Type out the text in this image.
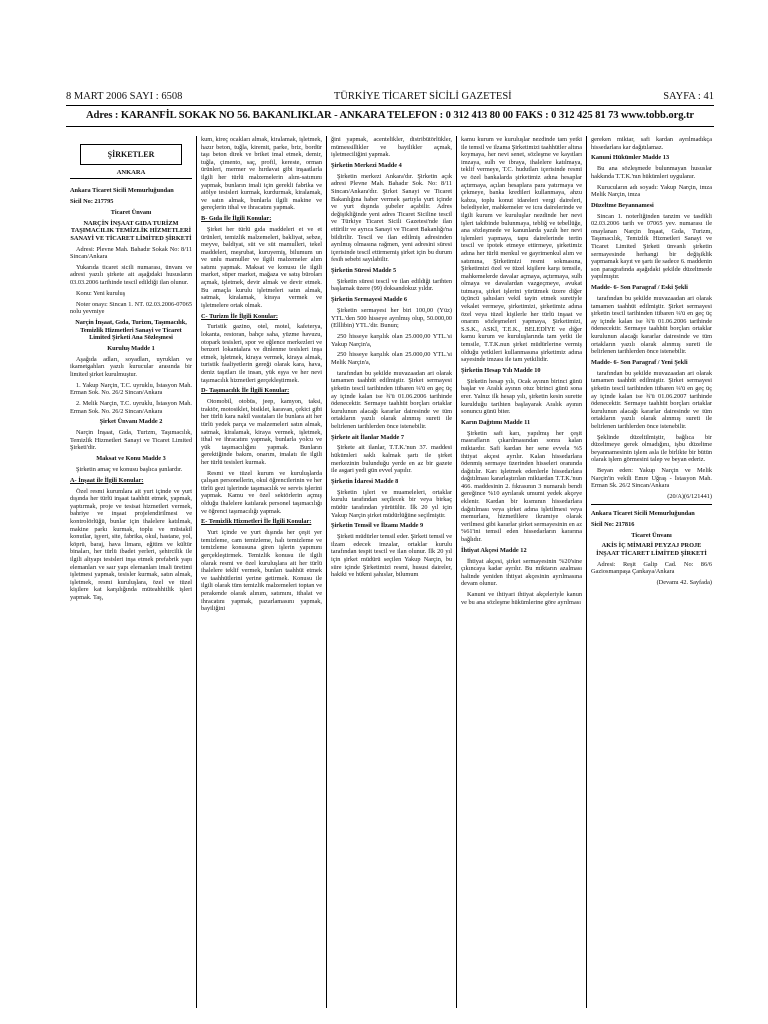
8 MART 2006 SAYI : 6508	TÜRKİYE TİCARET SİCİLİ GAZETESİ	SAYFA : 41
Adres : KARANFİL SOKAK NO 56. BAKANLIKLAR - ANKARA TELEFON : 0 312 413 80 00 FAKS : 0 312 425 81 73 www.tobb.org.tr
ŞİRKETLER
ANKARA

Ankara Ticaret Sicili Memurluğundan

Sicil No: 217795

Ticaret Ünvanı

NARÇİN İNŞAAT GIDA TURİZM TAŞIMACILIK TEMİZLİK HİZMETLERİ SANAYİ VE TİCARET LİMİTED ŞİRKETİ

Adresi: Plevne Mah. Bahadır Sokak No: 8/11 Sincan/Ankara

Yukarıda ticaret sicili numarası, ünvanı ve adresi yazılı şirkete ait aşağıdaki hususların 03.03.2006 tarihinde tescil edildiği ilan olunur.

Konu: Yeni kuruluş

Noter onayı: Sincan 1. NT. 02.03.2006-07065 nolu yevmiye

Narçin İnşaat, Gıda, Turizm, Taşımacılık, Temizlik Hizmetleri Sanayi ve Ticaret Limited Şirketi Ana Sözleşmesi

Kuruluş Madde 1

Aşağıda adları, soyadları, uyrukları ve ikametgahları yazılı kurucular arasında bir limited şirket kurulmuştur.

1. Yakup Narçin, T.C. uyruklu, İstasyon Mah. Erman Sok. No. 26/2 Sincan/Ankara

2. Melik Narçin, T.C. uyruklu, İstasyon Mah. Erman Sok. No. 26/2 Sincan/Ankara

Şirket Ünvanı Madde 2

Narçin İnşaat, Gıda, Turizm, Taşımacılık, Temizlik Hizmetleri Sanayi ve Ticaret Limited Şirketi'dir.

Maksat ve Konu Madde 3

Şirketin amaç ve konusu başlıca şunlardır.

A- İnşaat ile İlgili Konular:

Özel resmi kurumlara ait yurt içinde ve yurt dışında her türlü inşaat taahhüt etmek, yapmak, yaptırmak, proje ve tesisat hizmetleri vermek, bahriye ve inşaat projelendirilmesi ve kontrolörlüğü, bunlar için ihalelere katılmak, makine parkı kurmak, toplu ve müstakil konutlar, işyeri, site, fabrika, okul, hastane, yol, köprü, baraj, hava limanı, eğitim ve kültür binaları, her türlü ibadet yerleri, şehircilik ile ilgili altyapı tesisleri inşa etmek prefabrik yapı elemanları ve saır yapı elemanları imali üretimi işletmesi yapmak, tesisler kurmak, satın almak, işletmek, resmi kuruluşlara, özel ve tüzel kişilere kat karşılığında müteahhitlik işleri yapmak. Taş,

kum, kireç ocakları almak, kiralamak, işletmek, hazır beton, tuğla, kiremit, parke, briz, bordür taşı beton direk ve briket imal etmek, demir, tuğla, çimento, saç, profil, kereste, orman ürünleri, mermer ve hırdavat gibi inşaatlarla ilgili her türlü malzemelerin alım-satımını yapmak, bunların imali için gerekli fabrika ve atölye tesisleri kurmak, kurdurmak, kiralamak, ve satın almak, bunlarla ilgili makine ve gereçlerin ithal ve ihracatını yapmak.

B- Gıda İle İlgili Konular:

Şirket her türlü gıda maddeleri et ve et ürünleri, temizlik malzemeleri, bakliyat, sebze, meyve, baldiyat, süt ve süt mamulleri, tekel maddeleri, meşrubat, kuruyemiş, bilumum un ve unlu mamuller ve ilgili malzemeler alım satımı yapmak. Maksat ve konusu ile ilgili market, süper market, mağaza ve satış büroları açmak, işletmek, devir almak ve devir etmek. Bu amaçla kurulu işletmeleri satın almak, satmak, kiralamak, kiraya vermek ve işletmelere ortak olmak.

C- Turizm İle İlgili Konular:

Turistik gazino, otel, motel, kafeterya, lokanta, restoran, bahçe saha, yüzme havuzu, otopark tesisleri, spor ve eğlence merkezleri ve benzeri lokantalara ve dinlenme tesisleri inşa etmek, işletmek, kiraya vermek, kiraya almak, turistik faaliyetlerin gereği olarak kara, hava, deniz taşıtları ile insan, yük eşya ve her nevi taşımacılık hizmetleri gerçekleştirmek.

D- Taşımacılık İle İlgili Konular:

Otomobil, otobüs, jeep, kamyon, taksi, traktör, motosiklet, bisiklet, karavan, çekici gibi her türlü kara nakil vasıtaları ile bunlara ait her türlü yedek parça ve malzemeleri satın almak, satmak, kiralamak, kiraya vermek, işletmek, ithal ve ihracatını yapmak, bunlarla yolcu ve yük taşımacılığını yapmak. Bunların gerektiğinde bakım, onarım, imalatı ile ilgili her türlü tesisleri kurmak.

Resmi ve tüzel kurum ve kuruluşlarda çalışan personellerin, okul öğrencilerinin ve her türlü gezi işlerinde taşımacılık ve servis işlerini yapmak. Kamu ve özel sektörlerin açmış olduğu ihalelere katılarak personel taşımacılığı ve öğrenci taşımacılığı yapmak.

E- Temizlik Hizmetleri İle İlgili Konular:

Yurt içinde ve yurt dışında her çeşit yer temizleme, cam temizleme, halı temizleme ve temizleme konusuna giren işlerin yapımını gerçekleştirmek. Temizlik konusu ile ilgili olarak resmi ve özel kuruluşlara ait her türlü ihalelere teklif vermek, bunları taahhüt etmek ve taahhütlerini yerine getirmek. Konusu ile ilgili olarak tüm temizlik malzemeleri toptan ve perakende olarak alınım, satımını, ithalat ve ihracatını yapmak, pazarlamasını yapmak, bayiliğini

ğini yapmak, acentelikler, distribütörlükler, mümessillikler ve bayilikler açmak, işletmeciliğini yapmak.

Şirketin Merkezi Madde 4

Şirketin merkezi Ankara'dır. Şirketin açık adresi Plevne Mah. Bahadır Sok. No: 8/11 Sincan/Ankara'dır. Şirket Sanayi ve Ticaret Bakanlığına haber vermek şartıyla yurt içinde ve yurt dışında şubeler açabilir. Adres değişikliğinde yeni adres Ticaret Siciline tescil ve Türkiye Ticaret Sicili Gazetesi'nde ilan ettirilir ve ayrıca Sanayi ve Ticaret Bakanlığı'na bildirilir. Tescil ve ilan edilmiş adresinden ayrılmış olmasına rağmen, yeni adresini süresi içerisinde tescil ettirmemiş şirket için bu durum fesih sebebi sayılabilir.

Şirketin Süresi Madde 5

Şirketin süresi tescil ve ilan edildiği tarihten başlamak üzere (99) doksandokuz yıldır.

Şirketin Sermayesi Madde 6

Şirketin sermayesi her biri 100,00 (Yüz) YTL.'den 500 hisseye ayrılmış olup, 50.000,00 (Elllibin) YTL.'dir. Bunun;

250 hisseye karşılık olan 25.000,00 YTL.'si Yakup Narçin'a,

250 hisseye karşılık olan 25.000,00 YTL.'si Melik Narçin'a,

tarafından bu şekilde muvazaadan ari olarak tamamen taahhüt edilmiştir. Şirket sermayesi şirketin tescil tarihinden itibaren ¼'ü en geç üç ay içinde kalan ise ¾'ü 01.06.2006 tarihinde ödenecektir. Sermaye taahhüt borçları ortaklar kurulunun alacağı kararlar dairesinde ve tüm ortakların yazılı olarak alınmış sureti ile belirlenen tarihlerden önce istenebilir.

Şirkete ait İlanlar Madde 7

Şirkete ait ilanlar, T.T.K.'nun 37. maddesi hükümleri saklı kalmak şartı ile şirket merkezinin bulunduğu yerde en az bir gazete ile asgari yedi gün evvel yapılır.

Şirketin İdaresi Madde 8

Şirketin işleri ve muameleleri, ortaklar kurulu tarafından seçilecek bir veya birkaç müdür tarafından yürütülür. İlk 20 yıl için Yakup Narçin şirket müdürlüğüne seçilmiştir.

Şirketin Temsil ve İlzamı Madde 9

Şirketi müdürler temsil eder. Şirketi temsil ve ilzam edecek imzalar, ortaklar kurulu tarafından tespit tescil ve ilan olunur. İlk 20 yıl için şirket müdürü seçilen Yakup Narçin, bu süre içinde Şirketimizi resmi, hususi daireler, hakiki ve hükmi şahıslar, bilumum

kamu kurum ve kuruluşlar nezdinde tam yetki ile temsil ve ilzama Şirketimizi taahhütler altına koymaya, her nevi senet, sözleşme ve kayıtları imzaya, sulh ve ibraya, ihalelere katılmaya, teklif vermeye, T.C. hudutları içerisinde resmi ve özel bankalarda şirketimiz adına hesaplar açtırmaya, açılan hesaplara para yatırmaya ve çekmeye, banka kredileri kullanmaya, ahzu kabza, toplu konut idareleri vergi daireleri, belediyeler, mahkemeler ve icra dairelerinde ve ilgili kurum ve kuruluşlar nezdinde her nevi işleri takibinde bulunmaya, tebliğ ve tebellüğe, ana sözleşmede ve kanunlarda yazılı her nevi işlemleri yapmaya, tapu dairelerinde tertin tescil ve ipotek etmeye ettirmeye, şirketimiz adına her türlü menkul ve gayrimenkul alım ve satımına, Şirketimizi resmi sokmasına, Şirketimizi özel ve tüzel kişilere karşı temsile, mahkemelerde davalar açmaya, açtırmaya, sulh olmaya ve davalardan vazgeçmeye, avukat tutmaya, şirket işlerini yürütmek üzere diğer üçüncü şahısları vekil tayin etmek suretiyle vekalet vermeye, şirketimizi, şirketimiz adına özel veya tüzel kişilerle her türlü inşaat ve onarım sözleşmeleri yapmaya, Şirketimizi, S.S.K., ASKİ, T.E.K., BELEDİYE ve diğer kamu kurum ve kuruluşlarında tam yetki ile temsile, T.T.K.nun şirket müdürlerine vermiş olduğu yetkileri kullanmasına şirketimiz adına sayesinde imzası ile tam yetkilidir.

Şirketin Hesap Yılı Madde 10

Şirketin hesap yılı, Ocak ayının birinci günü başlar ve Aralık ayının otuz birinci günü sona erer. Yalnız ilk hesap yılı, şirketin kesin surette kurulduğu tarihten başlayarak Aralık ayının sonuncu günü biter.

Karın Dağıtımı Madde 11

Şirketin safi karı, yapılmış her çeşit masrafların çıkarılmasından sonra kalan miktardır. Safi kardan her sene evvela %5 ihtiyat akçesi ayrılır. Kalan hissedarlara ödenmiş sermaye üzerinden hisseleri oranında dağıtılır. Karı işletmek edenlerle hissedarlara dağıtılması kararlaştırılan miktardan T.T.K.'nun 466. maddesinin 2. fıkrasının 3 numaralı bendi gereğince %10 ayrılarak umumi yedek akçeye eklenir. Kardan bir kısmının hissedarlara dağıtılması veya şirket adına işletilmesi veya memurlara, hizmetlilere ikramiye olarak verilmesi gibi kararlar şirket sermayesinin en az %61'ini temsil eden hissedarların kararına bağlıdır.

İhtiyat Akçesi Madde 12

İhtiyat akçesi, şirket sermayesinin %20'sine çıkıncaya kadar ayrılır. Bu miktarın azalması halinde yeniden ihtiyat akçesinin ayrılmasına devam olunur.

Kanuni ve ihtiyari ihtiyat akçeleriyle kanun ve bu ana sözleşme hükümlerine göre ayrılması

gereken miktar, safi kardan ayrılmadıkça hissedarlara kar dağıtılamaz.

Kanuni Hükümler Madde 13

Bu ana sözleşmede bulunmayan hususlar hakkında T.T.K.'nın hükümleri uygulanır.

Kurucuların adı soyadı: Yakup Narçin, imza Melik Narçin, imza

Düzeltme Beyannamesi

Sincan 1. noterliğinden tanzim ve tasdikli 02.03.2006 tarih ve 07065 yev. numarası ile onaylanan Narçin İnşaat, Gıda, Turizm, Taşımacılık, Temizlik Hizmetleri Sanayi ve Ticaret Limited Şirketi ünvanlı şirketin sermayesinde herhangi bir değişiklik yapmamak kayıt ve şartı ile sadece 6. maddenin son paragrafında aşağıdaki şekilde düzeltmede yapılmıştır.

Madde- 6- Son Paragraf / Eski Şekli

tarafından bu şekilde muvazaadan ari olarak tamamen taahhüt edilmiştir. Şirket sermayesi şirketin tescil tarihinden itibaren ¼'ü en geç üç ay içinde kalan ise ¾'ü 01.06.2006 tarihinde ödenecektir. Sermaye taahhüt borçları ortaklar kurulunun alacağı kararlar dairesinde ve tüm ortakların yazılı olarak alınmış sureti ile belirlenen tarihlerden önce istenebilir.

Madde- 6- Son Paragraf / Yeni Şekli

tarafından bu şekilde muvazaadan ari olarak tamamen taahhüt edilmiştir. Şirket sermayesi şirketin tescil tarihinden itibaren ¼'ü en geç üç ay içinde kalan ise ¾'ü 01.06.2007 tarihinde ödenecektir. Sermaye taahhüt borçları ortaklar kurulunun alacağı kararlar dairesinde ve tüm ortakların yazılı olarak alınmış sureti ile belirlenen tarihlerden önce istenebilir.

Şeklinde düzeltilmiştir, bağlıca bir düzeltmeye gerek olmadığını, işbu düzeltme beyannamesinin işlem asla ile birlikte bir bütün olarak işlem görmesini talep ve beyan ederiz.

Beyan eden: Yakup Narçin ve Melik Narçin'in vekili Emre Uğraş - İstasyon Mah. Erman Sk. 26/2 Sincan/Ankara

(20/A)(6/121441)

Ankara Ticaret Sicili Memurluğundan

Sicil No: 217816

Ticaret Ünvanı

AKİS İÇ MİMARİ PEYZAJ PROJE İNŞAAT TİCARET LİMİTED ŞİRKETİ

Adresi: Reşit Galip Cad. No: 86/6 Gaziosmanpaşa Çankaya/Ankara

(Devamı 42. Sayfada)
